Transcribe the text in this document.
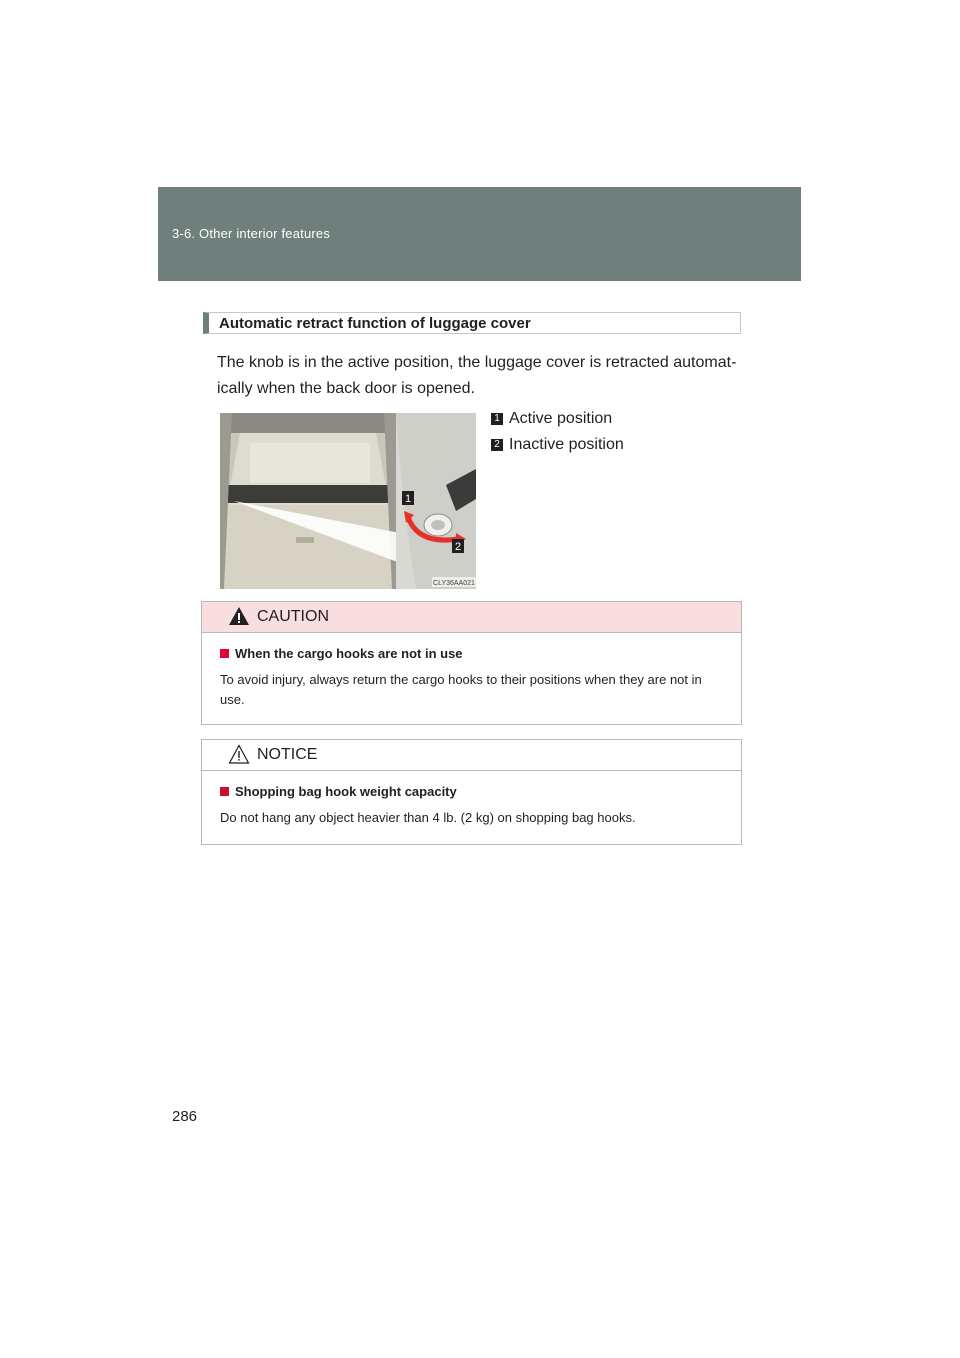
3-6. Other interior features
Automatic retract function of luggage cover
The knob is in the active position, the luggage cover is retracted automat-
ically when the back door is opened.
1
2
CLY36AA021
1 Active position
2 Inactive position
CAUTION
When the cargo hooks are not in use
To avoid injury, always return the cargo hooks to their positions when they are not in
use.
NOTICE
Shopping bag hook weight capacity
Do not hang any object heavier than 4 lb. (2 kg) on shopping bag hooks.
286
